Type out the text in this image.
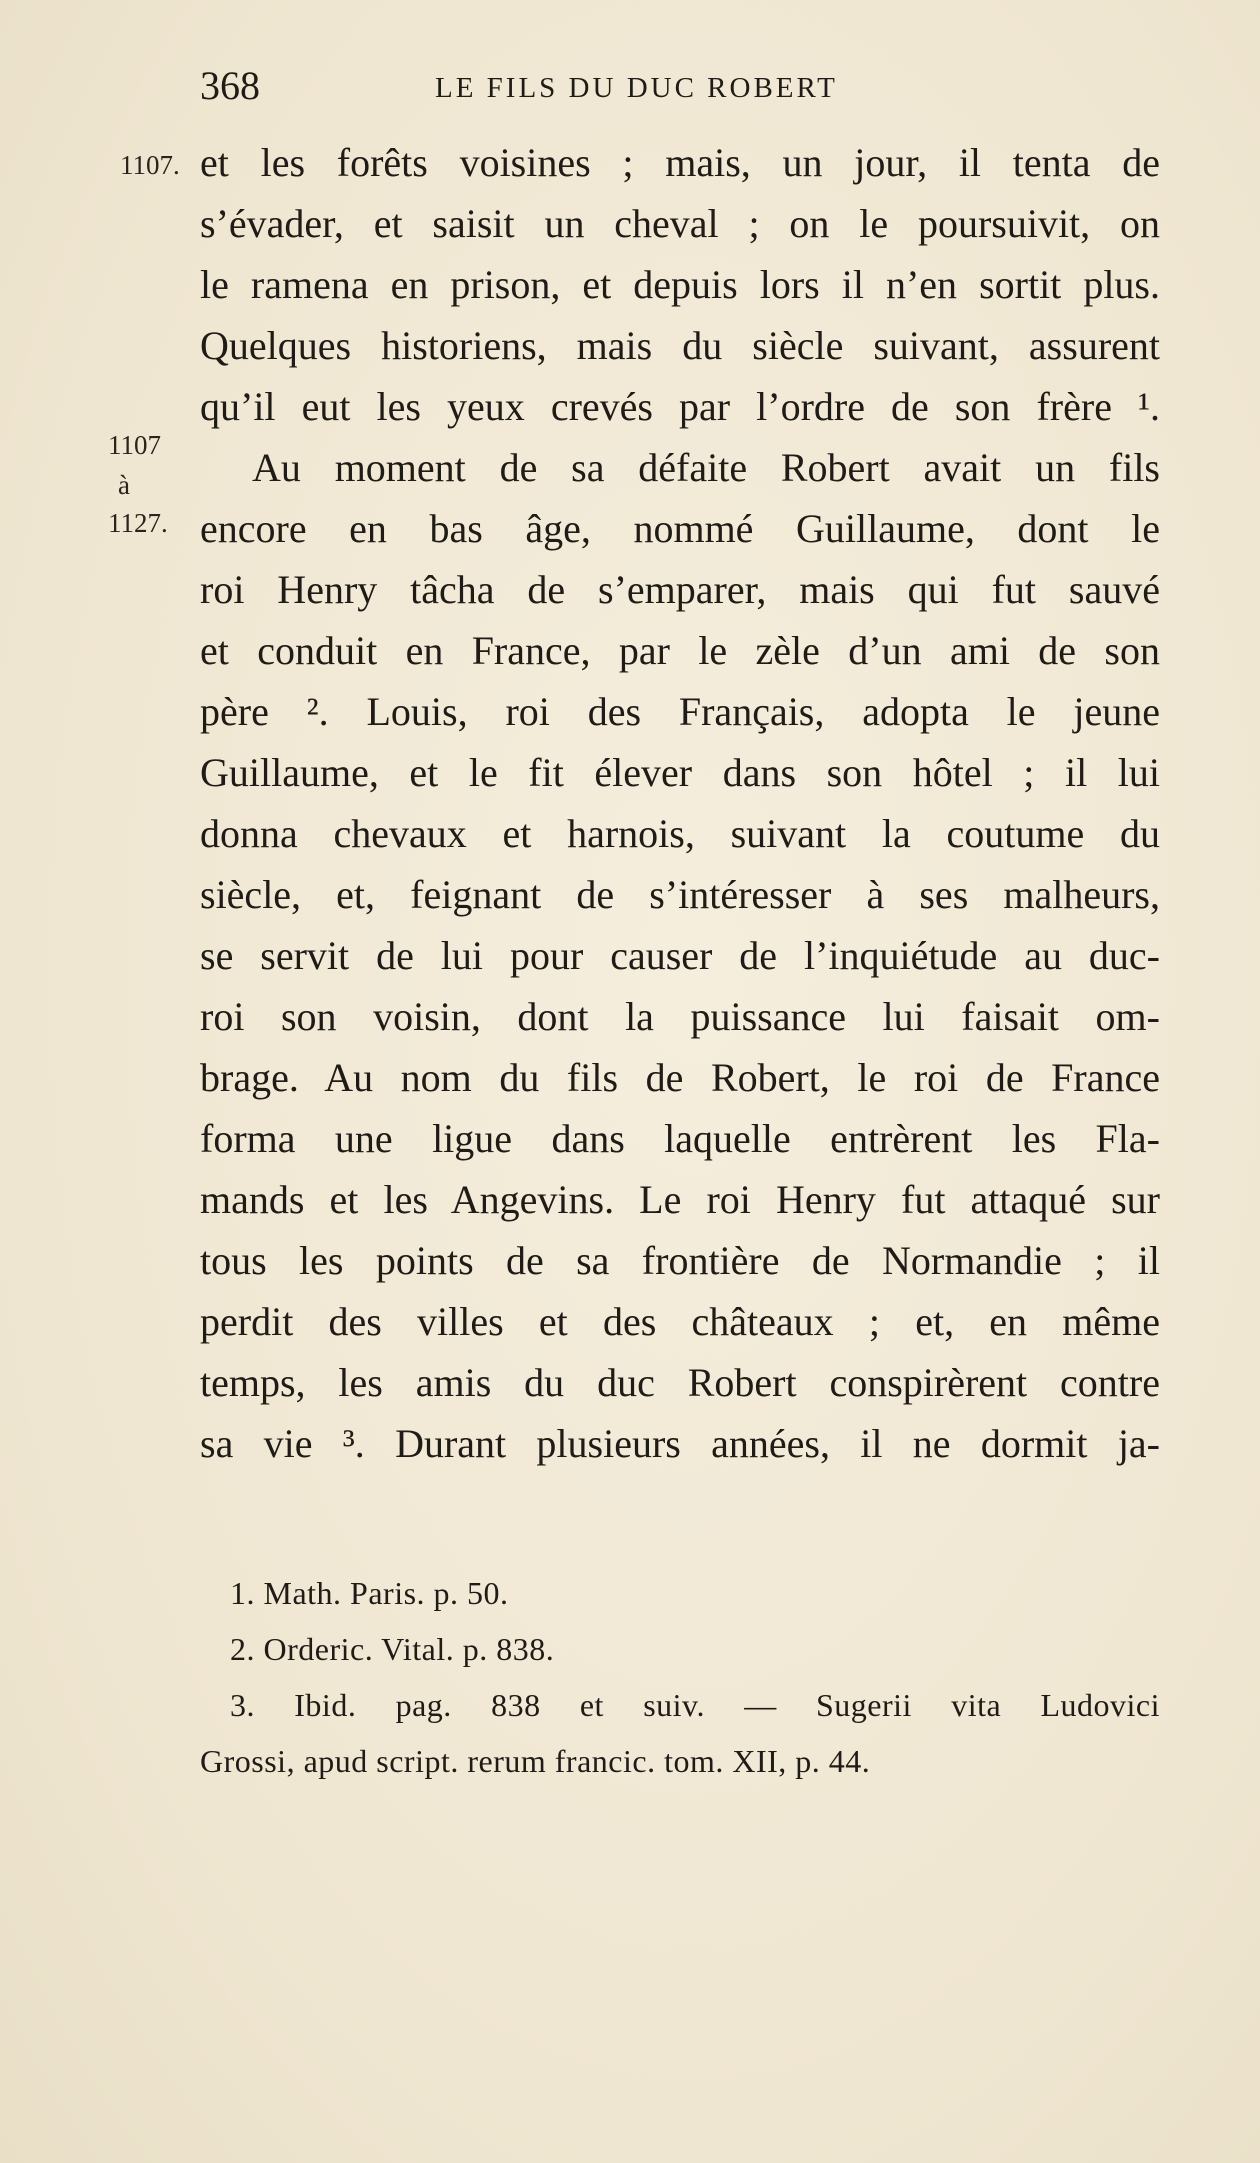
368	LE FILS DU DUC ROBERT
1107.
1107
à
1127.
et les forêts voisines ; mais, un jour, il tenta de
s’évader, et saisit un cheval ; on le poursuivit, on
le ramena en prison, et depuis lors il n’en sortit plus.
Quelques historiens, mais du siècle suivant, assurent
qu’il eut les yeux crevés par l’ordre de son frère ¹.
Au moment de sa défaite Robert avait un fils
encore en bas âge, nommé Guillaume, dont le
roi Henry tâcha de s’emparer, mais qui fut sauvé
et conduit en France, par le zèle d’un ami de son
père ². Louis, roi des Français, adopta le jeune
Guillaume, et le fit élever dans son hôtel ; il lui
donna chevaux et harnois, suivant la coutume du
siècle, et, feignant de s’intéresser à ses malheurs,
se servit de lui pour causer de l’inquiétude au duc-
roi son voisin, dont la puissance lui faisait om-
brage. Au nom du fils de Robert, le roi de France
forma une ligue dans laquelle entrèrent les Fla-
mands et les Angevins. Le roi Henry fut attaqué sur
tous les points de sa frontière de Normandie ; il
perdit des villes et des châteaux ; et, en même
temps, les amis du duc Robert conspirèrent contre
sa vie ³. Durant plusieurs années, il ne dormit ja-
1. Math. Paris. p. 50.
2. Orderic. Vital. p. 838.
3. Ibid. pag. 838 et suiv. — Sugerii vita Ludovici
Grossi, apud script. rerum francic. tom. XII, p. 44.
